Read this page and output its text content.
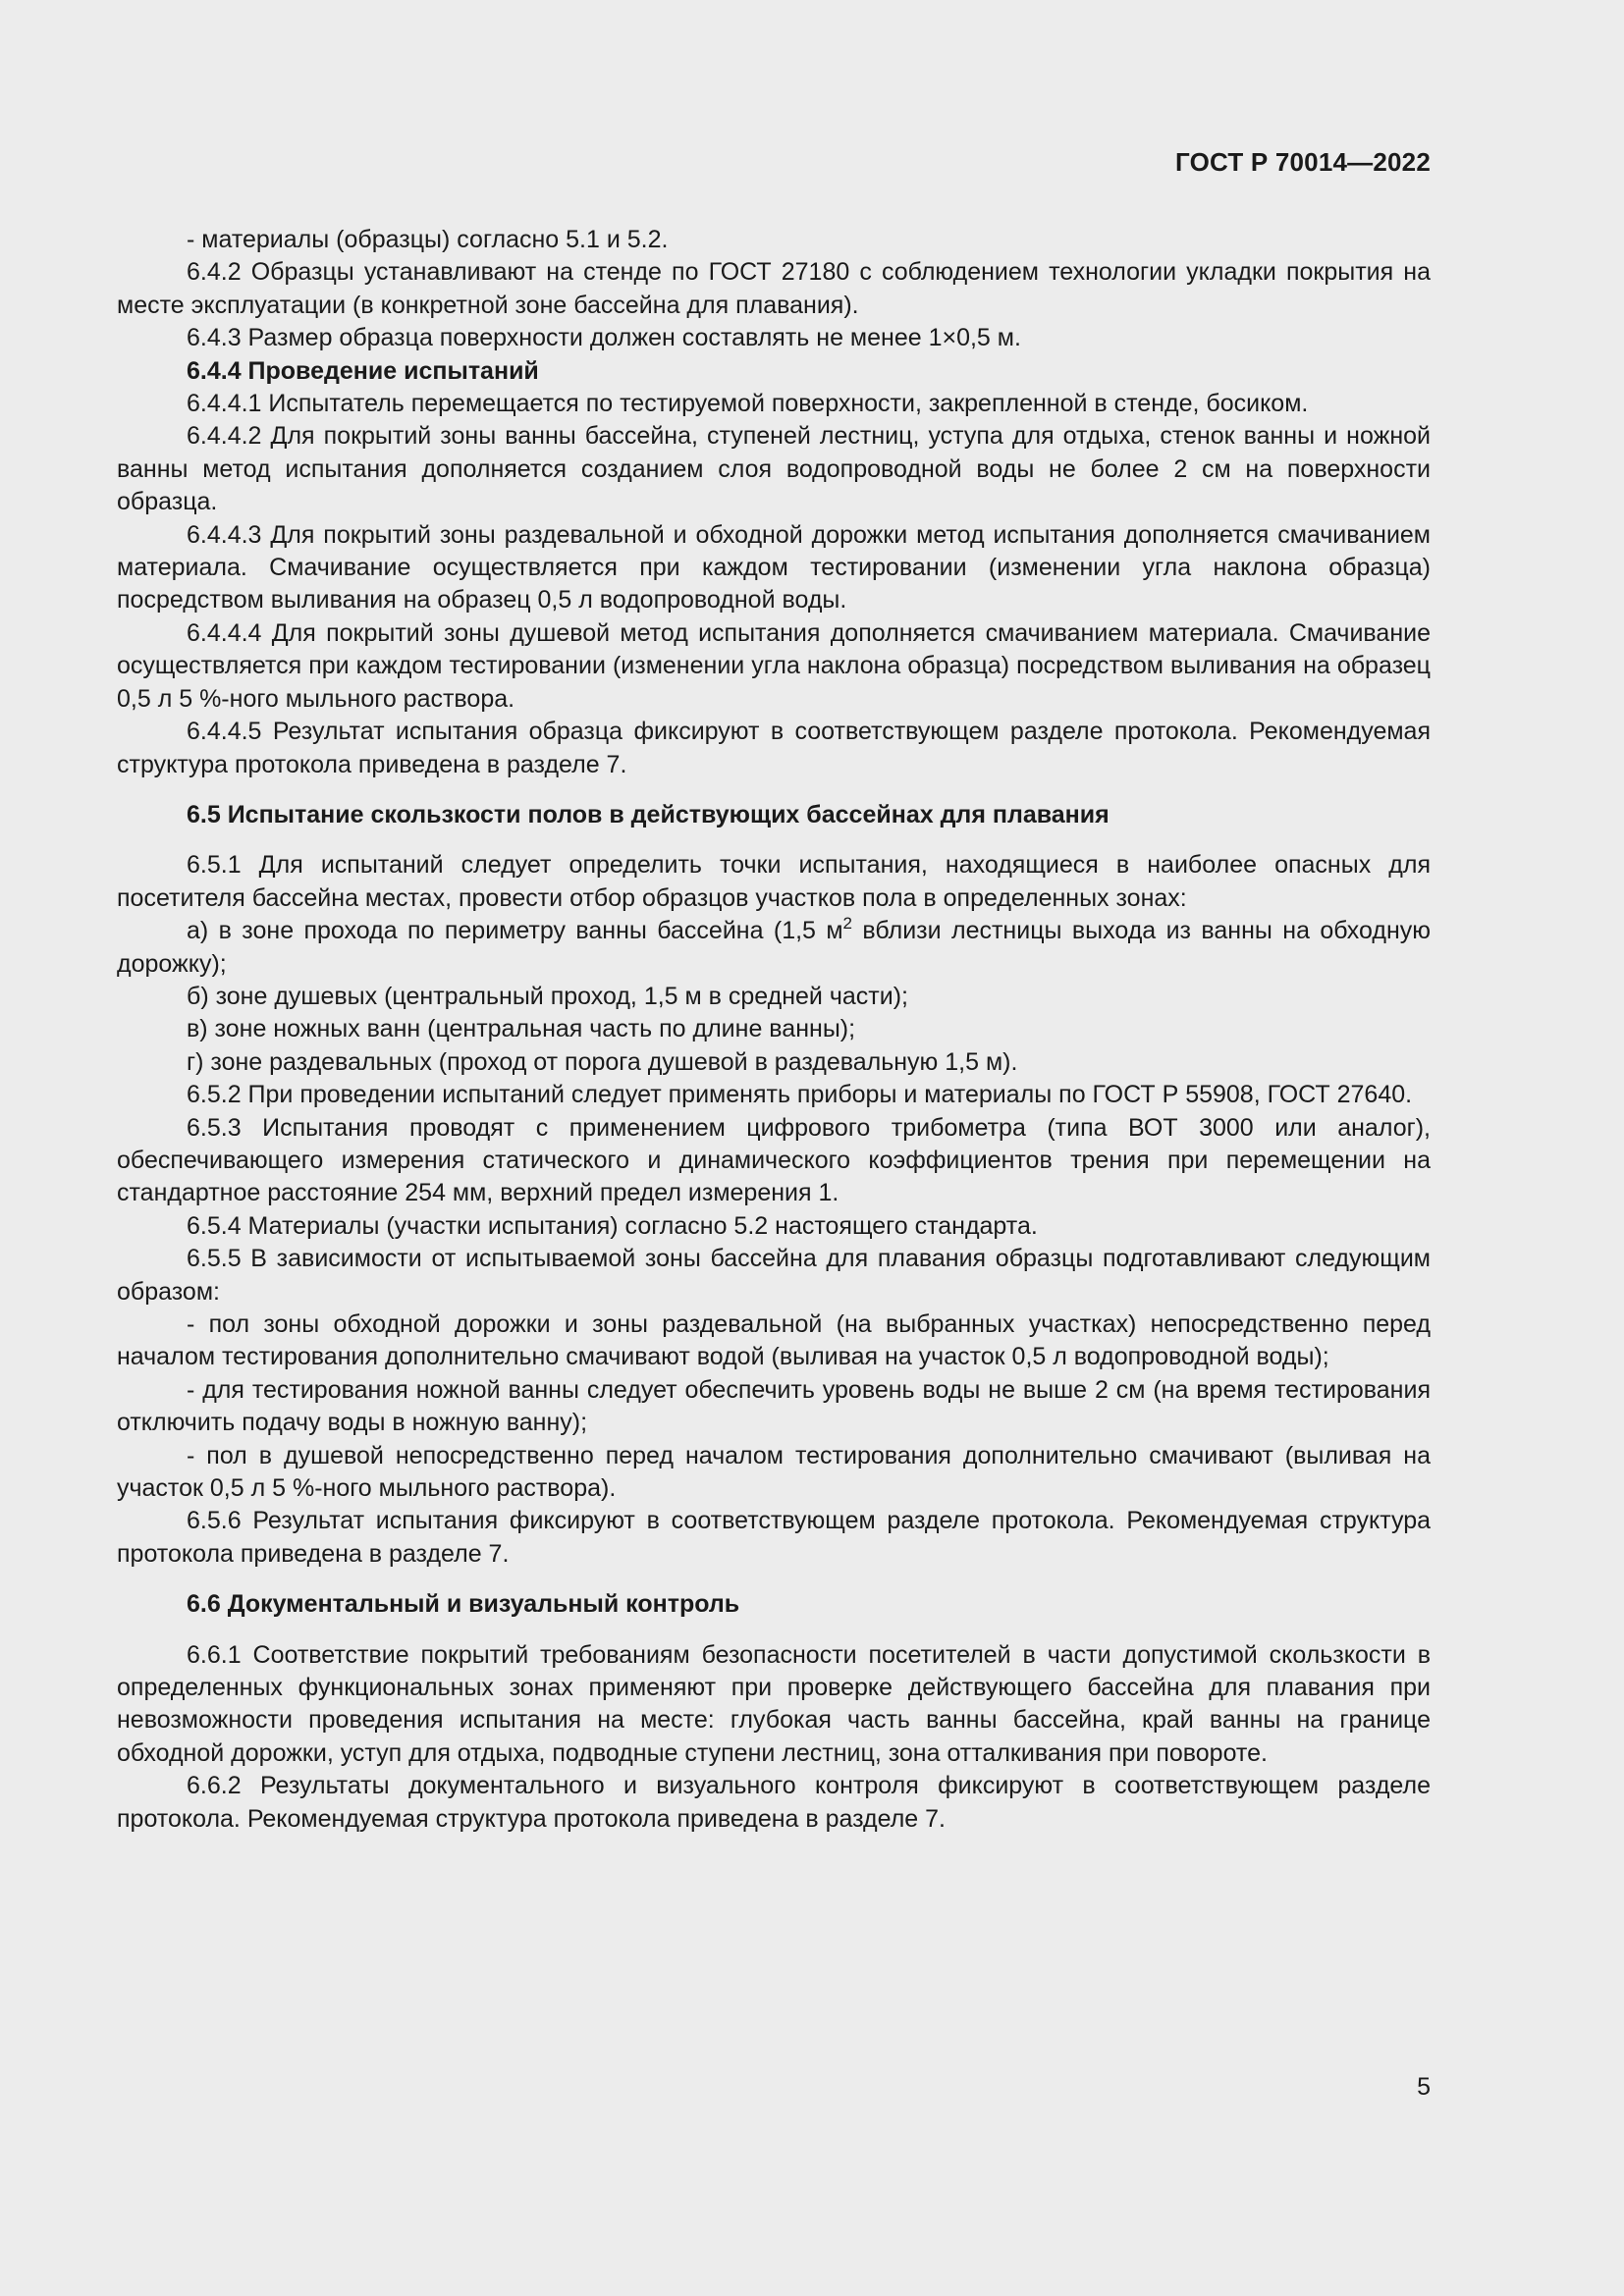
ГОСТ Р 70014—2022

- материалы (образцы) согласно 5.1 и 5.2.

6.4.2 Образцы устанавливают на стенде по ГОСТ 27180 с соблюдением технологии укладки покрытия на месте эксплуатации (в конкретной зоне бассейна для плавания).

6.4.3 Размер образца поверхности должен составлять не менее 1×0,5 м.

6.4.4 Проведение испытаний

6.4.4.1 Испытатель перемещается по тестируемой поверхности, закрепленной в стенде, босиком.

6.4.4.2 Для покрытий зоны ванны бассейна, ступеней лестниц, уступа для отдыха, стенок ванны и ножной ванны метод испытания дополняется созданием слоя водопроводной воды не более 2 см на поверхности образца.

6.4.4.3 Для покрытий зоны раздевальной и обходной дорожки метод испытания дополняется смачиванием материала. Смачивание осуществляется при каждом тестировании (изменении угла наклона образца) посредством выливания на образец 0,5 л водопроводной воды.

6.4.4.4 Для покрытий зоны душевой метод испытания дополняется смачиванием материала. Смачивание осуществляется при каждом тестировании (изменении угла наклона образца) посредством выливания на образец 0,5 л 5 %-ного мыльного раствора.

6.4.4.5 Результат испытания образца фиксируют в соответствующем разделе протокола. Рекомендуемая структура протокола приведена в разделе 7.

6.5 Испытание скользкости полов в действующих бассейнах для плавания

6.5.1 Для испытаний следует определить точки испытания, находящиеся в наиболее опасных для посетителя бассейна местах, провести отбор образцов участков пола в определенных зонах:

а) в зоне прохода по периметру ванны бассейна (1,5 $м^2$ вблизи лестницы выхода из ванны на обходную дорожку);

б) зоне душевых (центральный проход, 1,5 м в средней части);

в) зоне ножных ванн (центральная часть по длине ванны);

г) зоне раздевальных (проход от порога душевой в раздевальную 1,5 м).

6.5.2 При проведении испытаний следует применять приборы и материалы по ГОСТ Р 55908, ГОСТ 27640.

6.5.3 Испытания проводят с применением цифрового трибометра (типа ВОТ 3000 или аналог), обеспечивающего измерения статического и динамического коэффициентов трения при перемещении на стандартное расстояние 254 мм, верхний предел измерения 1.

6.5.4 Материалы (участки испытания) согласно 5.2 настоящего стандарта.

6.5.5 В зависимости от испытываемой зоны бассейна для плавания образцы подготавливают следующим образом:

- пол зоны обходной дорожки и зоны раздевальной (на выбранных участках) непосредственно перед началом тестирования дополнительно смачивают водой (выливая на участок 0,5 л водопроводной воды);

- для тестирования ножной ванны следует обеспечить уровень воды не выше 2 см (на время тестирования отключить подачу воды в ножную ванну);

- пол в душевой непосредственно перед началом тестирования дополнительно смачивают (выливая на участок 0,5 л 5 %-ного мыльного раствора).

6.5.6 Результат испытания фиксируют в соответствующем разделе протокола. Рекомендуемая структура протокола приведена в разделе 7.

6.6 Документальный и визуальный контроль

6.6.1 Соответствие покрытий требованиям безопасности посетителей в части допустимой скользкости в определенных функциональных зонах применяют при проверке действующего бассейна для плавания при невозможности проведения испытания на месте: глубокая часть ванны бассейна, край ванны на границе обходной дорожки, уступ для отдыха, подводные ступени лестниц, зона отталкивания при повороте.

6.6.2 Результаты документального и визуального контроля фиксируют в соответствующем разделе протокола. Рекомендуемая структура протокола приведена в разделе 7.

5
